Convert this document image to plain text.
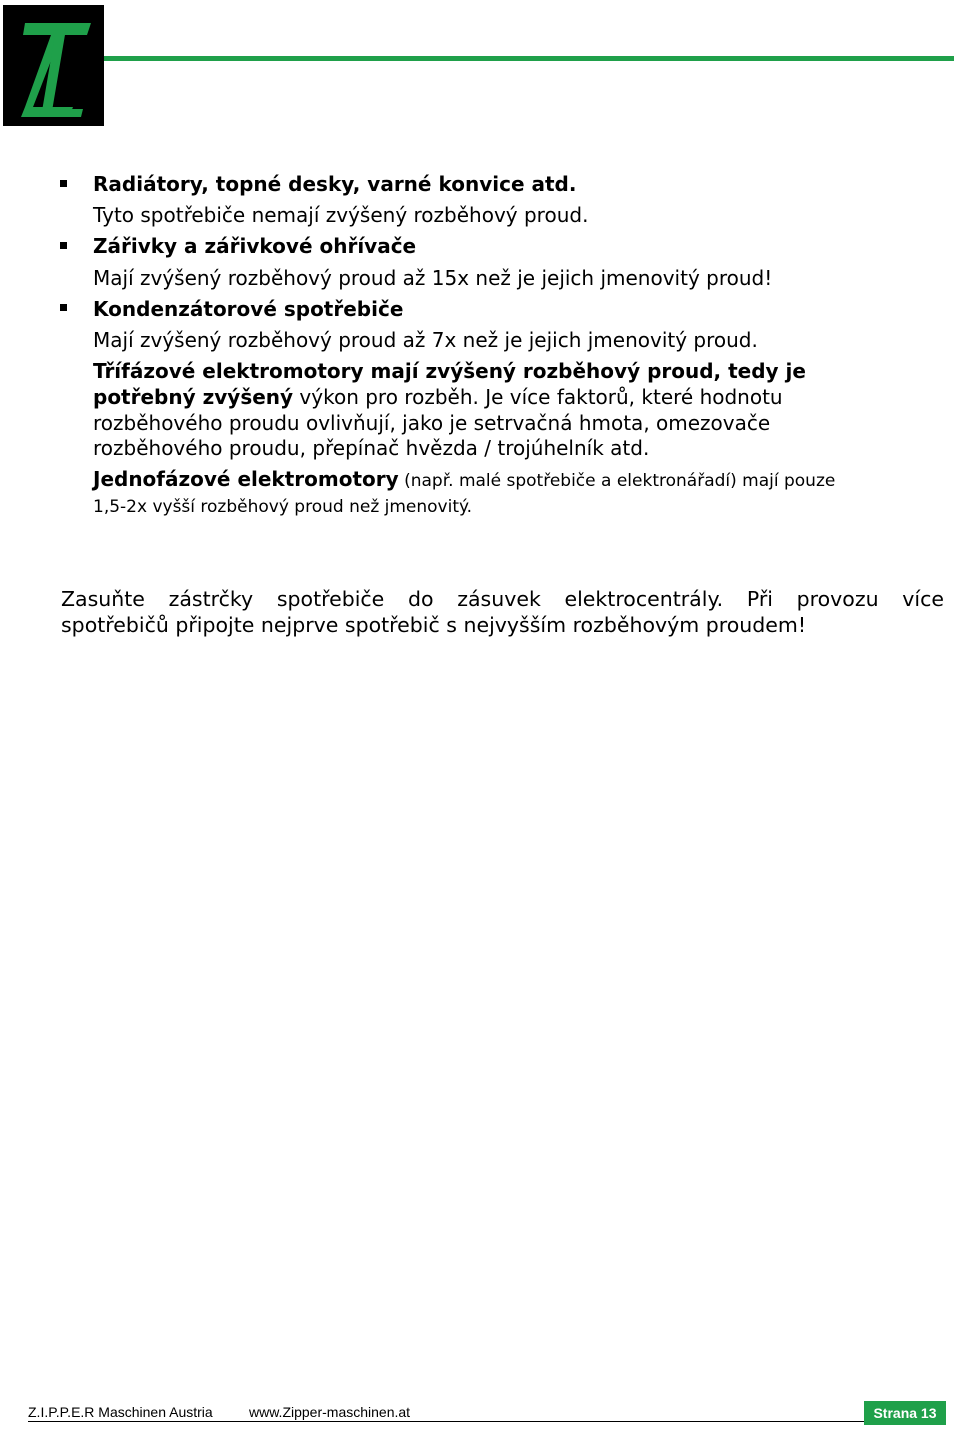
Radiátory, topné desky, varné konvice atd.
Tyto spotřebiče nemají zvýšený rozběhový proud.
Zářivky a zářivkové ohřívače
Mají zvýšený rozběhový proud až 15x než je jejich jmenovitý proud!
Kondenzátorové spotřebiče
Mají zvýšený rozběhový proud až 7x než je jejich jmenovitý proud.
Třífázové elektromotory mají zvýšený rozběhový proud, tedy je
potřebný zvýšený výkon pro rozběh. Je více faktorů, které hodnotu
rozběhového proudu ovlivňují, jako je setrvačná hmota, omezovače
rozběhového proudu, přepínač hvězda / trojúhelník atd.
Jednofázové elektromotory (např. malé spotřebiče a elektronářadí) mají pouze
1,5-2x vyšší rozběhový proud než jmenovitý.
Zasuňte zástrčky spotřebiče do zásuvek elektrocentrály. Při provozu více
spotřebičů připojte nejprve spotřebič s nejvyšším rozběhovým proudem!
Z.I.P.P.E.R Maschinen Austria	www.Zipper-maschinen.at	Strana 13
